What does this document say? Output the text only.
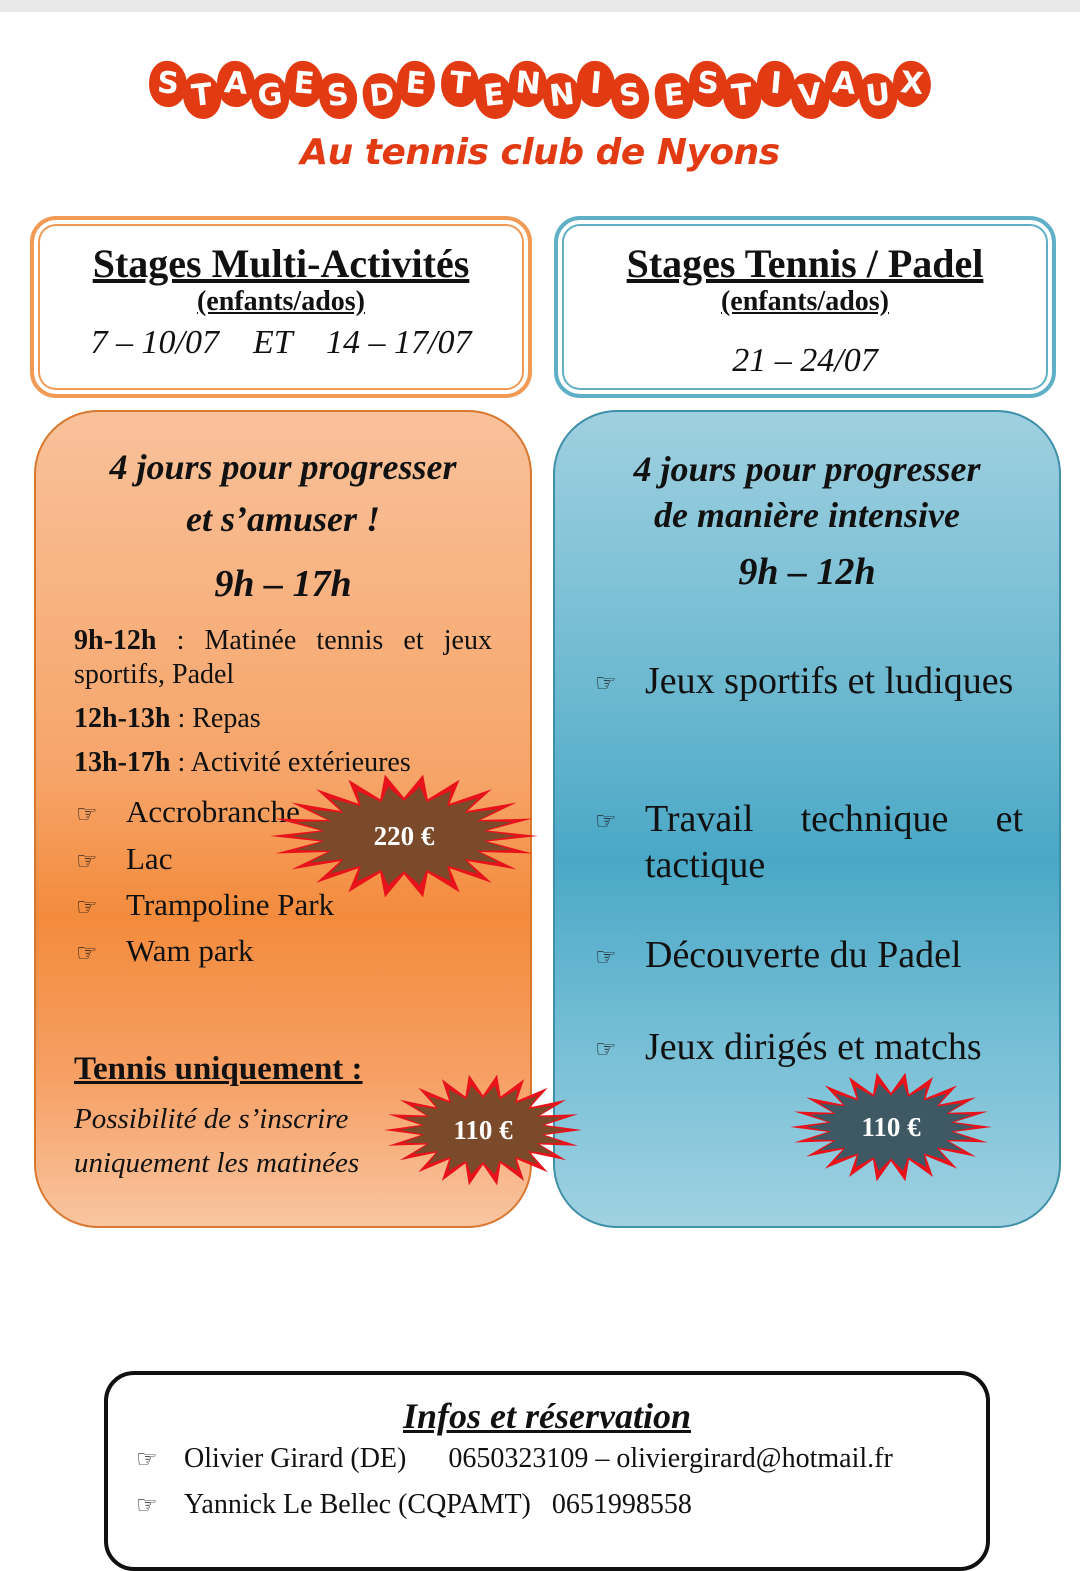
S T A G E S D E T E N N I S E S T I V A U X
Au tennis club de Nyons
Stages Multi-Activités
(enfants/ados)
7 – 10/07    ET    14 – 17/07
Stages Tennis / Padel
(enfants/ados)
21 – 24/07
4 jours pour progresser
et s’amuser !
9h – 17h
9h-12h : Matinée tennis et jeux sportifs, Padel
12h-13h : Repas
13h-17h : Activité extérieures
☞ Accrobranche
☞ Lac
☞ Trampoline Park
☞ Wam park
Tennis uniquement :
Possibilité de s’inscrire
uniquement les matinées
4 jours pour progresser
de manière intensive
9h – 12h
☞ Jeux sportifs et ludiques
☞ Travail technique et tactique
☞ Découverte du Padel
☞ Jeux dirigés et matchs
220 €
110 €	110 €
Infos et réservation
☞ Olivier Girard (DE)      0650323109 – oliviergirard@hotmail.fr
☞ Yannick Le Bellec (CQPAMT)   0651998558
